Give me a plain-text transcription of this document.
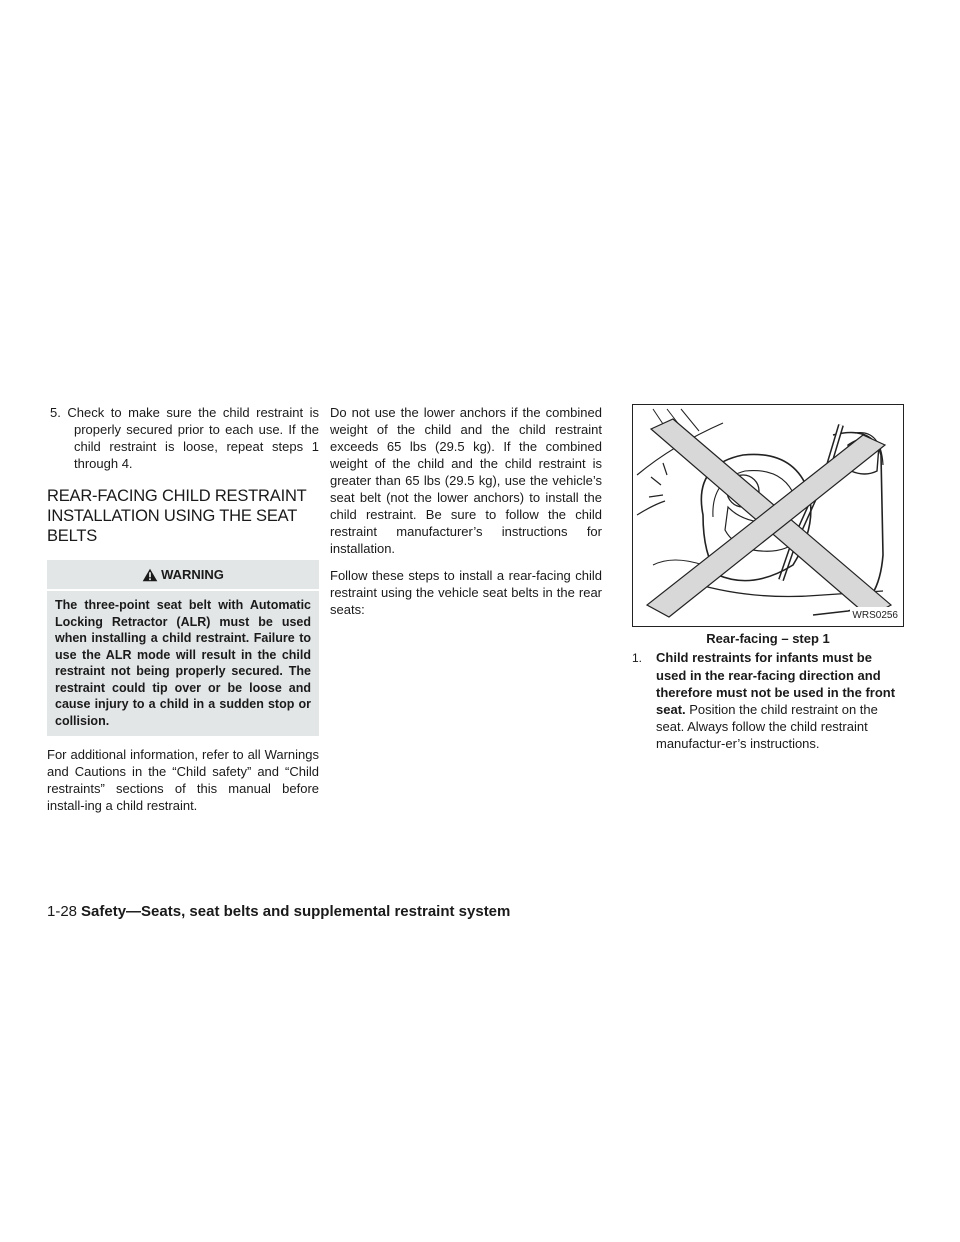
5. Check to make sure the child restraint is properly secured prior to each use. If the child restraint is loose, repeat steps 1 through 4.
REAR-FACING CHILD RESTRAINT INSTALLATION USING THE SEAT BELTS
WARNING
The three-point seat belt with Automatic Locking Retractor (ALR) must be used when installing a child restraint. Failure to use the ALR mode will result in the child restraint not being properly secured. The restraint could tip over or be loose and cause injury to a child in a sudden stop or collision.
For additional information, refer to all Warnings and Cautions in the “Child safety” and “Child restraints” sections of this manual before install-ing a child restraint.
Do not use the lower anchors if the combined weight of the child and the child restraint exceeds 65 lbs (29.5 kg). If the combined weight of the child and the child restraint is greater than 65 lbs (29.5 kg), use the vehicle’s seat belt (not the lower anchors) to install the child restraint. Be sure to follow the child restraint manufacturer’s instructions for installation.
Follow these steps to install a rear-facing child restraint using the vehicle seat belts in the rear seats:	WRS0256
Rear-facing – step 1
1. Child restraints for infants must be used in the rear-facing direction and therefore must not be used in the front seat. Position the child restraint on the seat. Always follow the child restraint manufactur-er’s instructions.
1-28 Safety—Seats, seat belts and supplemental restraint system
